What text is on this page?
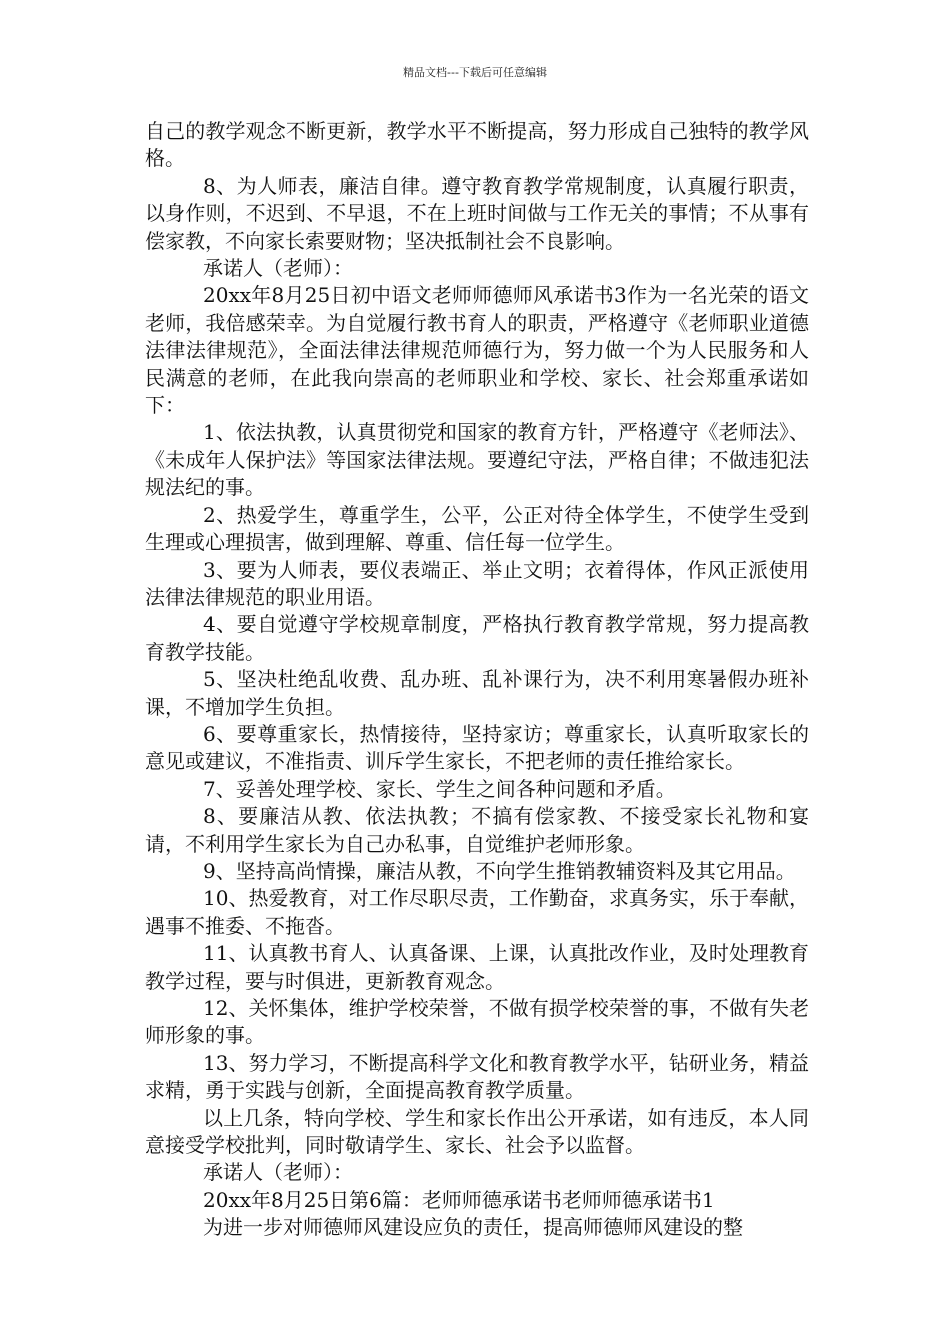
精品文档---下载后可任意编辑

自己的教学观念不断更新，教学水平不断提高，努力形成自己独特的教学风格。

8、为人师表，廉洁自律。遵守教育教学常规制度，认真履行职责，以身作则，不迟到、不早退，不在上班时间做与工作无关的事情；不从事有偿家教，不向家长索要财物；坚决抵制社会不良影响。

承诺人（老师）：

20xx年8月25日初中语文老师师德师风承诺书3作为一名光荣的语文老师，我倍感荣幸。为自觉履行教书育人的职责，严格遵守《老师职业道德法律法律规范》，全面法律法律规范师德行为，努力做一个为人民服务和人民满意的老师，在此我向崇高的老师职业和学校、家长、社会郑重承诺如下：

1、依法执教，认真贯彻党和国家的教育方针，严格遵守《老师法》、《未成年人保护法》等国家法律法规。要遵纪守法，严格自律；不做违犯法规法纪的事。

2、热爱学生，尊重学生，公平，公正对待全体学生，不使学生受到生理或心理损害，做到理解、尊重、信任每一位学生。

3、要为人师表，要仪表端正、举止文明；衣着得体，作风正派使用法律法律规范的职业用语。

4、要自觉遵守学校规章制度，严格执行教育教学常规，努力提高教育教学技能。

5、坚决杜绝乱收费、乱办班、乱补课行为，决不利用寒暑假办班补课，不增加学生负担。

6、要尊重家长，热情接待，坚持家访；尊重家长，认真听取家长的意见或建议，不准指责、训斥学生家长，不把老师的责任推给家长。

7、妥善处理学校、家长、学生之间各种问题和矛盾。

8、要廉洁从教、依法执教；不搞有偿家教、不接受家长礼物和宴请，不利用学生家长为自己办私事，自觉维护老师形象。

9、坚持高尚情操，廉洁从教，不向学生推销教辅资料及其它用品。

10、热爱教育，对工作尽职尽责，工作勤奋，求真务实，乐于奉献，遇事不推委、不拖沓。

11、认真教书育人、认真备课、上课，认真批改作业，及时处理教育教学过程，要与时俱进，更新教育观念。

12、关怀集体，维护学校荣誉，不做有损学校荣誉的事，不做有失老师形象的事。

13、努力学习，不断提高科学文化和教育教学水平，钻研业务，精益求精，勇于实践与创新，全面提高教育教学质量。

以上几条，特向学校、学生和家长作出公开承诺，如有违反，本人同意接受学校批判，同时敬请学生、家长、社会予以监督。

承诺人（老师）：

20xx年8月25日第6篇：老师师德承诺书老师师德承诺书1

为进一步对师德师风建设应负的责任，提高师德师风建设的整
